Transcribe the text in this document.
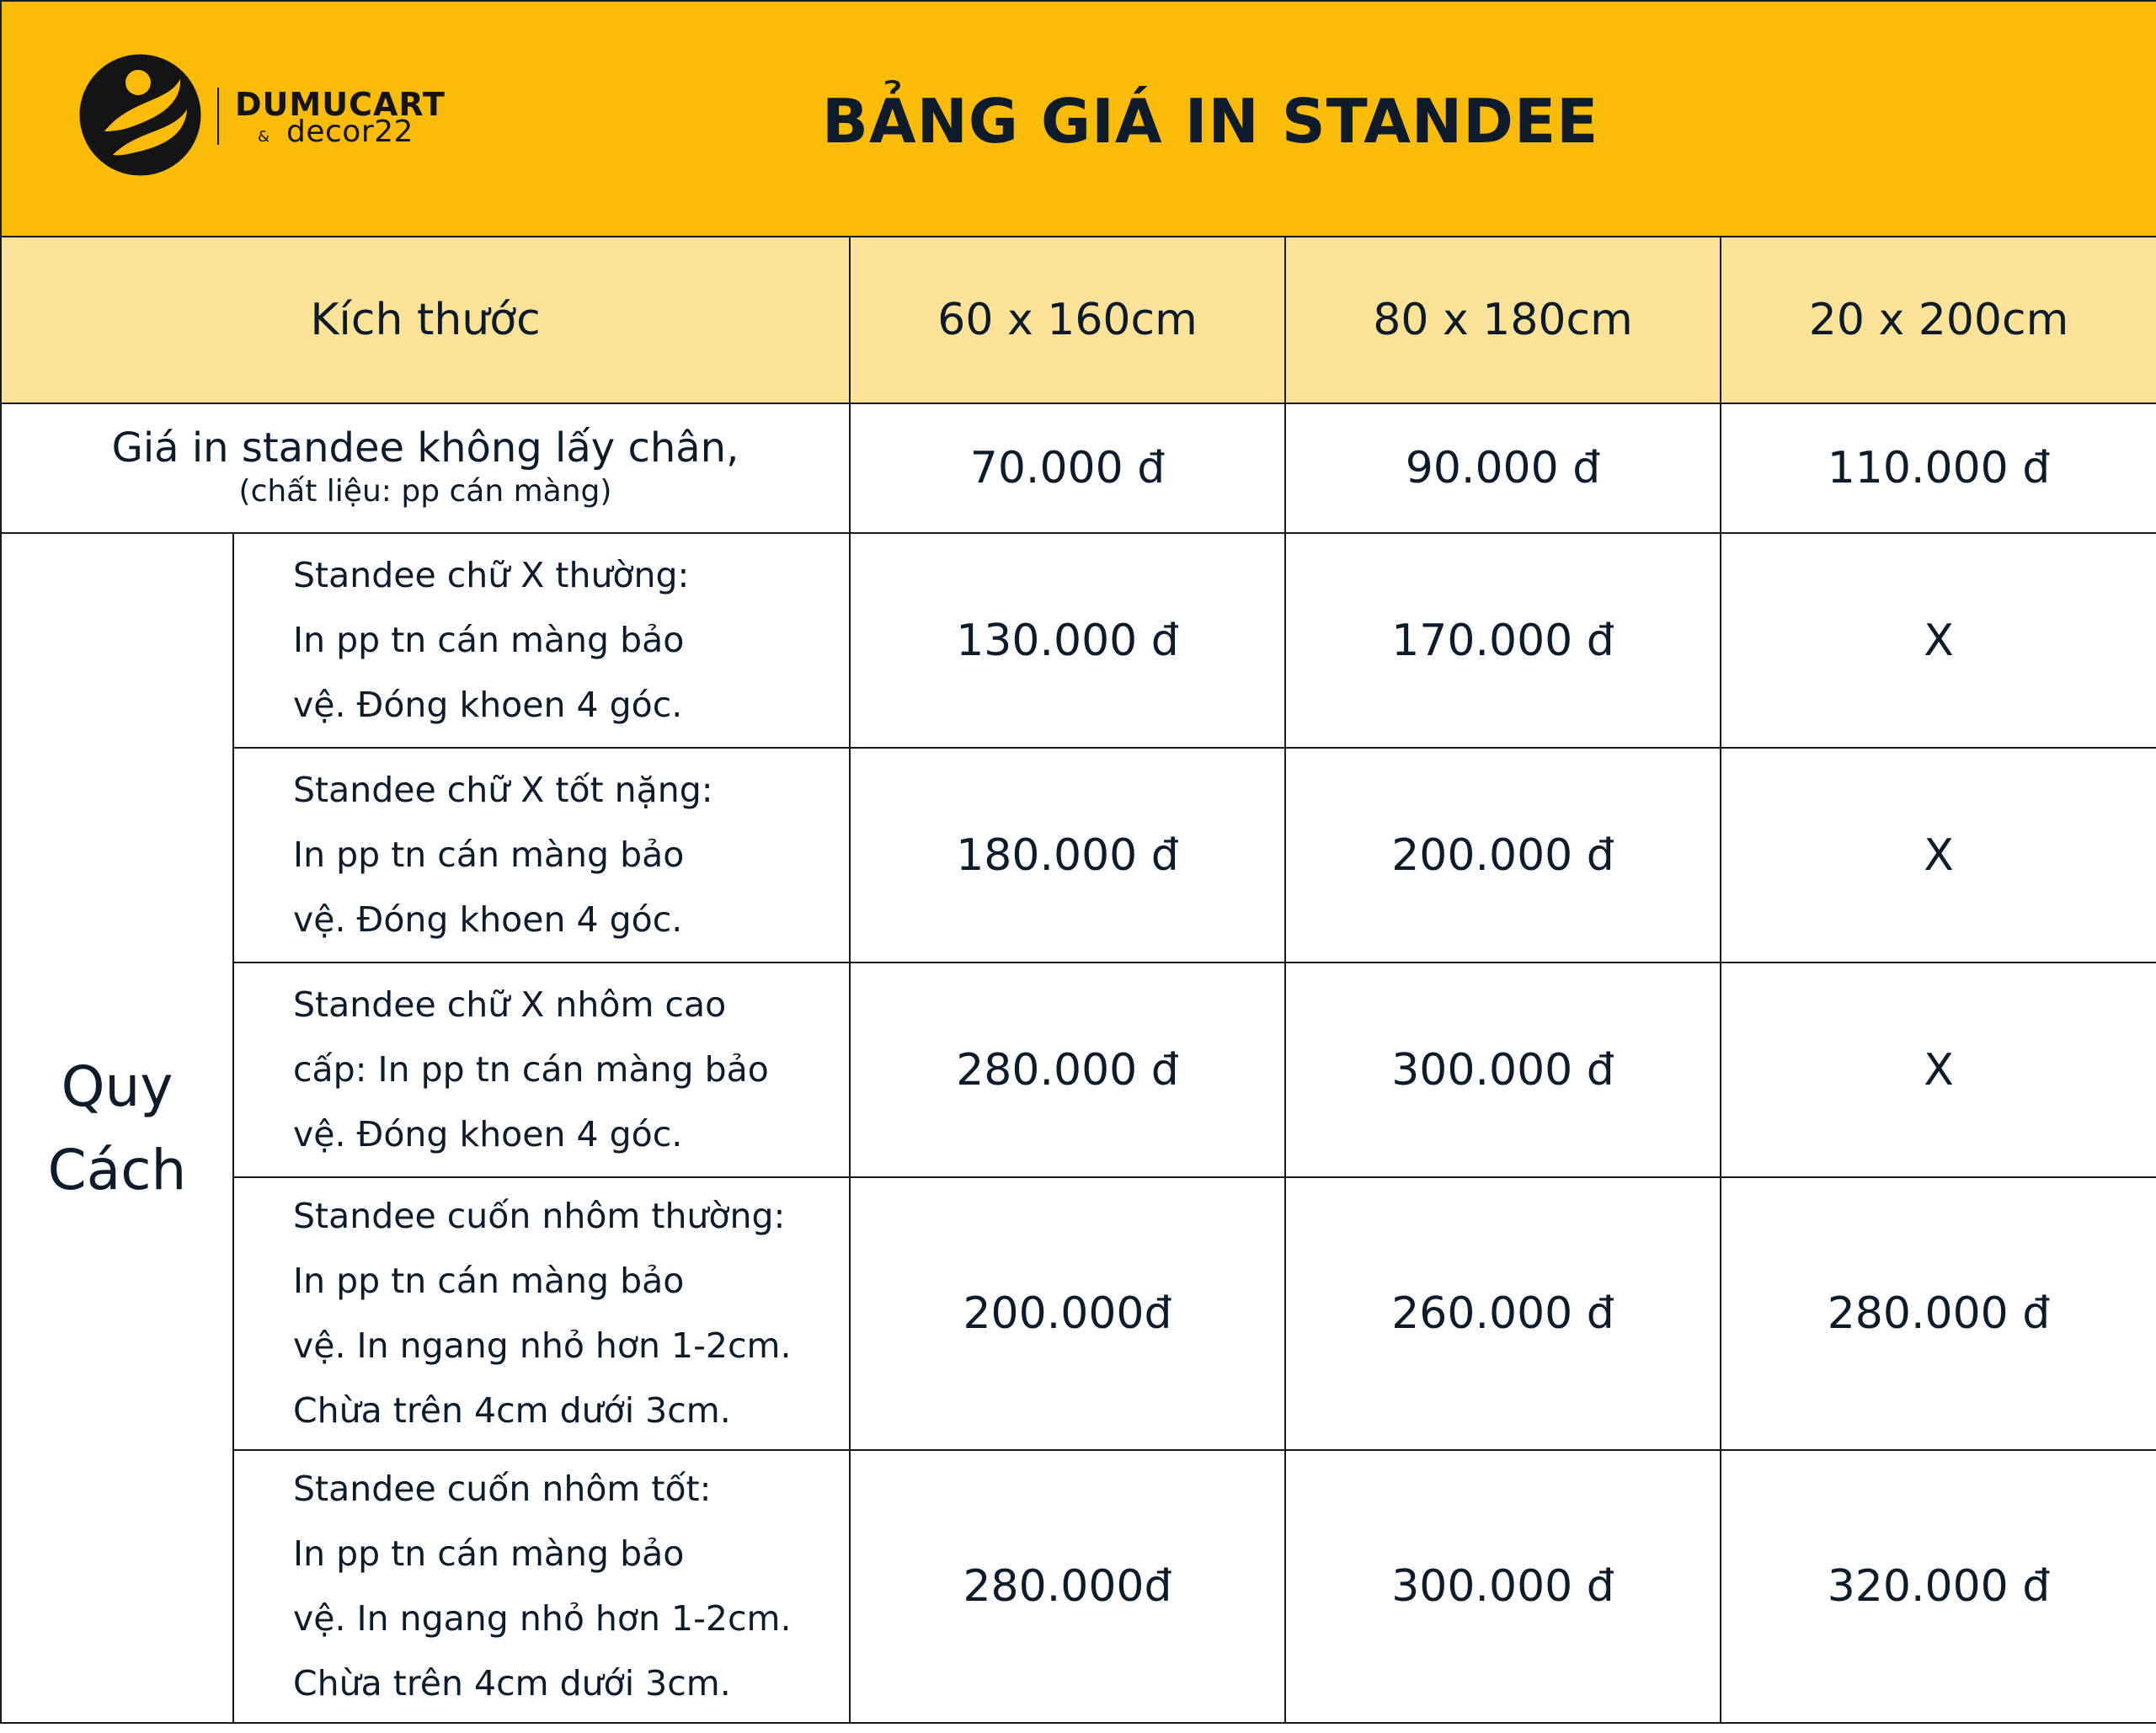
DUMUCART
& decor22	BẢNG GIÁ IN STANDEE
Kích thước		60 x 160cm	80 x 180cm	20 x 200cm

Giá in standee không lấy chân,
(chất liệu: pp cán màng)		70.000 đ	90.000 đ	110.000 đ
Quy
Cách	Standee chữ X thường:
In pp tn cán màng bảo
vệ. Đóng khoen 4 góc.	130.000 đ	170.000 đ	X
	Standee chữ X tốt nặng:
In pp tn cán màng bảo
vệ. Đóng khoen 4 góc.	180.000 đ	200.000 đ	X
	Standee chữ X nhôm cao
cấp: In pp tn cán màng bảo
vệ. Đóng khoen 4 góc.	280.000 đ	300.000 đ	X
	Standee cuốn nhôm thường:
In pp tn cán màng bảo
vệ. In ngang nhỏ hơn 1-2cm.
Chừa trên 4cm dưới 3cm.	200.000đ	260.000 đ	280.000 đ
	Standee cuốn nhôm tốt:
In pp tn cán màng bảo
vệ. In ngang nhỏ hơn 1-2cm.
Chừa trên 4cm dưới 3cm.	280.000đ	300.000 đ	320.000 đ
